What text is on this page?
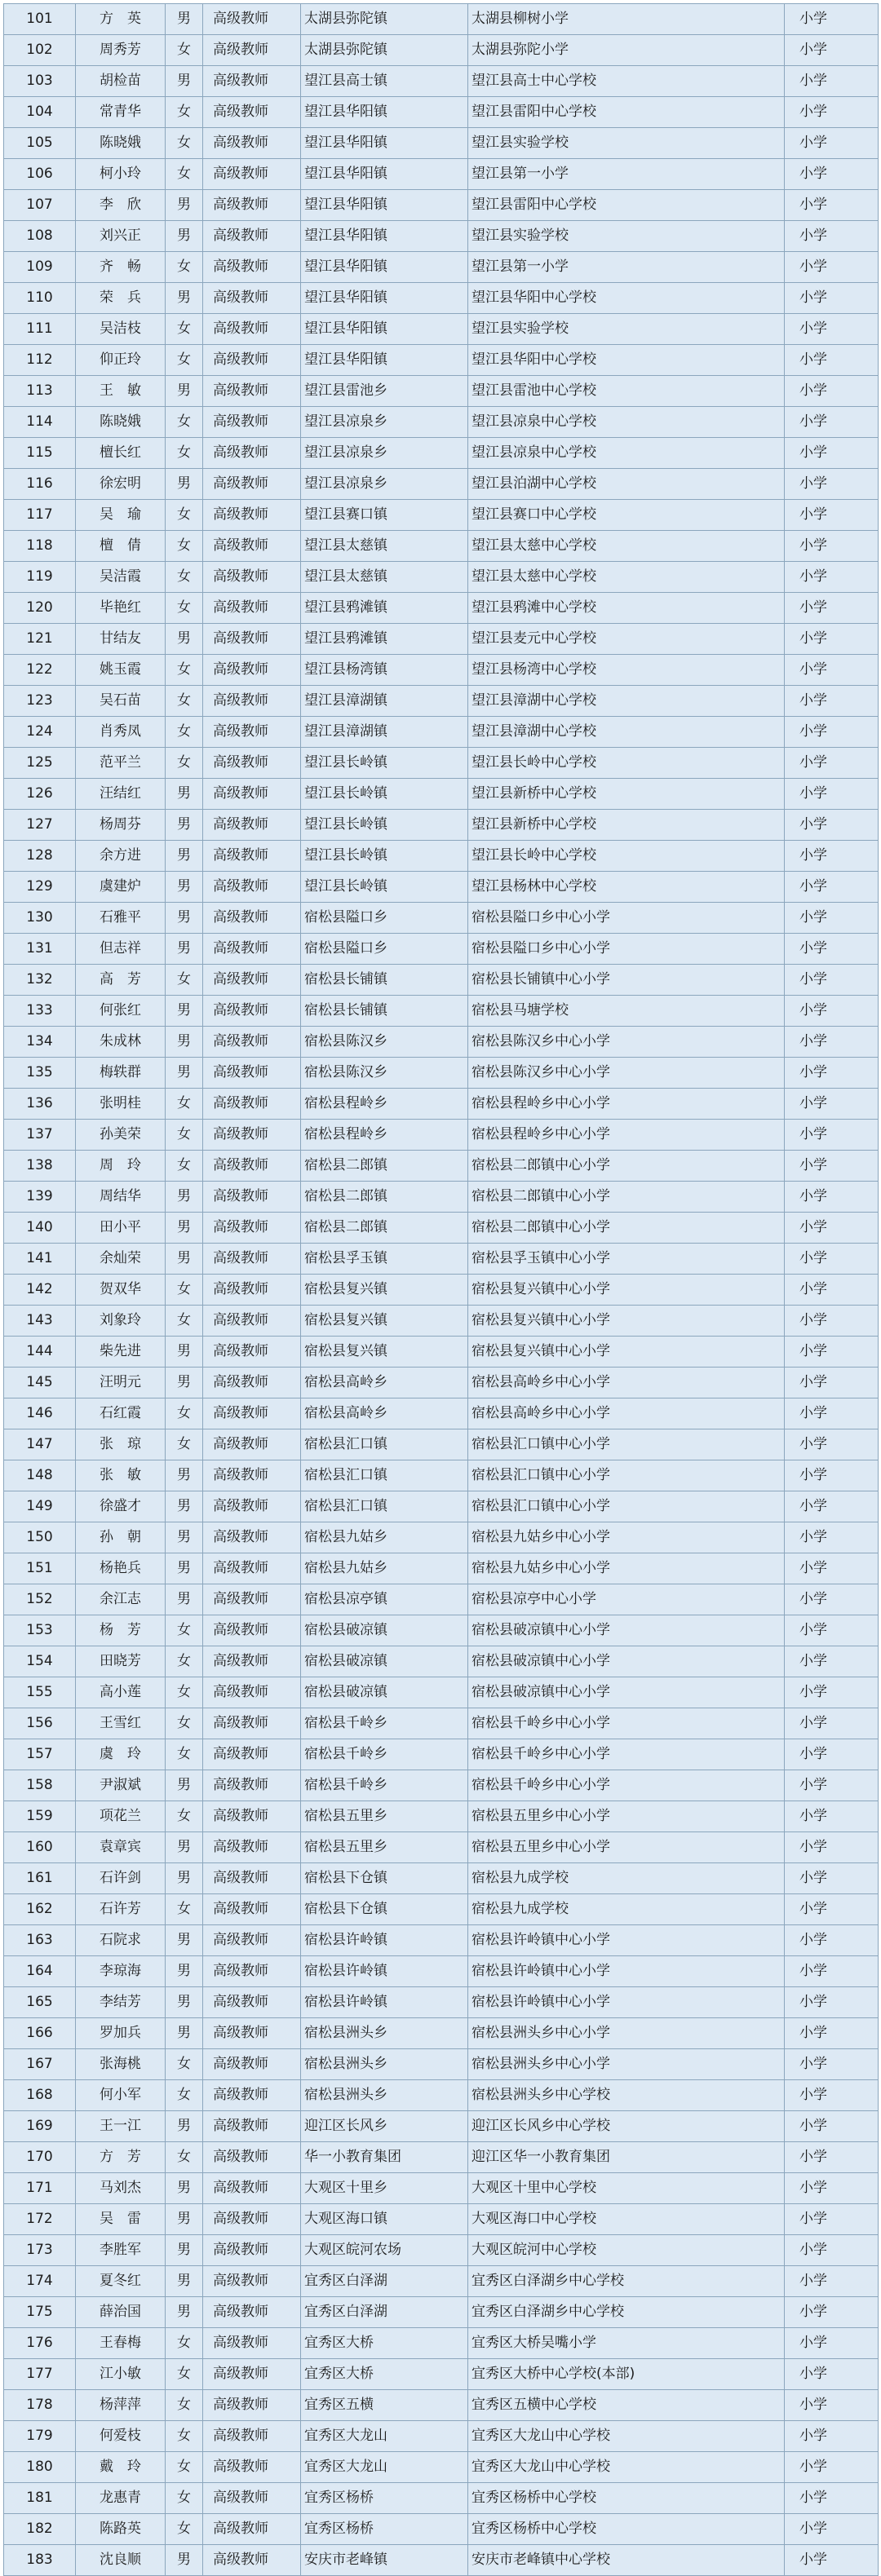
101	方　英	男	高级教师	太湖县弥陀镇	太湖县柳树小学	小学
102	周秀芳	女	高级教师	太湖县弥陀镇	太湖县弥陀小学	小学
103	胡检苗	男	高级教师	望江县高士镇	望江县高士中心学校	小学
104	常青华	女	高级教师	望江县华阳镇	望江县雷阳中心学校	小学
105	陈晓娥	女	高级教师	望江县华阳镇	望江县实验学校	小学
106	柯小玲	女	高级教师	望江县华阳镇	望江县第一小学	小学
107	李　欣	男	高级教师	望江县华阳镇	望江县雷阳中心学校	小学
108	刘兴正	男	高级教师	望江县华阳镇	望江县实验学校	小学
109	齐　畅	女	高级教师	望江县华阳镇	望江县第一小学	小学
110	荣　兵	男	高级教师	望江县华阳镇	望江县华阳中心学校	小学
111	吴洁枝	女	高级教师	望江县华阳镇	望江县实验学校	小学
112	仰正玲	女	高级教师	望江县华阳镇	望江县华阳中心学校	小学
113	王　敏	男	高级教师	望江县雷池乡	望江县雷池中心学校	小学
114	陈晓娥	女	高级教师	望江县凉泉乡	望江县凉泉中心学校	小学
115	檀长红	女	高级教师	望江县凉泉乡	望江县凉泉中心学校	小学
116	徐宏明	男	高级教师	望江县凉泉乡	望江县泊湖中心学校	小学
117	吴　瑜	女	高级教师	望江县赛口镇	望江县赛口中心学校	小学
118	檀　倩	女	高级教师	望江县太慈镇	望江县太慈中心学校	小学
119	吴洁霞	女	高级教师	望江县太慈镇	望江县太慈中心学校	小学
120	毕艳红	女	高级教师	望江县鸦滩镇	望江县鸦滩中心学校	小学
121	甘结友	男	高级教师	望江县鸦滩镇	望江县麦元中心学校	小学
122	姚玉霞	女	高级教师	望江县杨湾镇	望江县杨湾中心学校	小学
123	吴石苗	女	高级教师	望江县漳湖镇	望江县漳湖中心学校	小学
124	肖秀凤	女	高级教师	望江县漳湖镇	望江县漳湖中心学校	小学
125	范平兰	女	高级教师	望江县长岭镇	望江县长岭中心学校	小学
126	汪结红	男	高级教师	望江县长岭镇	望江县新桥中心学校	小学
127	杨周芬	男	高级教师	望江县长岭镇	望江县新桥中心学校	小学
128	余方进	男	高级教师	望江县长岭镇	望江县长岭中心学校	小学
129	虞建炉	男	高级教师	望江县长岭镇	望江县杨林中心学校	小学
130	石雅平	男	高级教师	宿松县隘口乡	宿松县隘口乡中心小学	小学
131	但志祥	男	高级教师	宿松县隘口乡	宿松县隘口乡中心小学	小学
132	高　芳	女	高级教师	宿松县长铺镇	宿松县长铺镇中心小学	小学
133	何张红	男	高级教师	宿松县长铺镇	宿松县马塘学校	小学
134	朱成林	男	高级教师	宿松县陈汉乡	宿松县陈汉乡中心小学	小学
135	梅轶群	男	高级教师	宿松县陈汉乡	宿松县陈汉乡中心小学	小学
136	张明桂	女	高级教师	宿松县程岭乡	宿松县程岭乡中心小学	小学
137	孙美荣	女	高级教师	宿松县程岭乡	宿松县程岭乡中心小学	小学
138	周　玲	女	高级教师	宿松县二郎镇	宿松县二郎镇中心小学	小学
139	周结华	男	高级教师	宿松县二郎镇	宿松县二郎镇中心小学	小学
140	田小平	男	高级教师	宿松县二郎镇	宿松县二郎镇中心小学	小学
141	余灿荣	男	高级教师	宿松县孚玉镇	宿松县孚玉镇中心小学	小学
142	贺双华	女	高级教师	宿松县复兴镇	宿松县复兴镇中心小学	小学
143	刘象玲	女	高级教师	宿松县复兴镇	宿松县复兴镇中心小学	小学
144	柴先进	男	高级教师	宿松县复兴镇	宿松县复兴镇中心小学	小学
145	汪明元	男	高级教师	宿松县高岭乡	宿松县高岭乡中心小学	小学
146	石红霞	女	高级教师	宿松县高岭乡	宿松县高岭乡中心小学	小学
147	张　琼	女	高级教师	宿松县汇口镇	宿松县汇口镇中心小学	小学
148	张　敏	男	高级教师	宿松县汇口镇	宿松县汇口镇中心小学	小学
149	徐盛才	男	高级教师	宿松县汇口镇	宿松县汇口镇中心小学	小学
150	孙　朝	男	高级教师	宿松县九姑乡	宿松县九姑乡中心小学	小学
151	杨艳兵	男	高级教师	宿松县九姑乡	宿松县九姑乡中心小学	小学
152	余江志	男	高级教师	宿松县凉亭镇	宿松县凉亭中心小学	小学
153	杨　芳	女	高级教师	宿松县破凉镇	宿松县破凉镇中心小学	小学
154	田晓芳	女	高级教师	宿松县破凉镇	宿松县破凉镇中心小学	小学
155	高小莲	女	高级教师	宿松县破凉镇	宿松县破凉镇中心小学	小学
156	王雪红	女	高级教师	宿松县千岭乡	宿松县千岭乡中心小学	小学
157	虞　玲	女	高级教师	宿松县千岭乡	宿松县千岭乡中心小学	小学
158	尹淑斌	男	高级教师	宿松县千岭乡	宿松县千岭乡中心小学	小学
159	项花兰	女	高级教师	宿松县五里乡	宿松县五里乡中心小学	小学
160	袁章宾	男	高级教师	宿松县五里乡	宿松县五里乡中心小学	小学
161	石许剑	男	高级教师	宿松县下仓镇	宿松县九成学校	小学
162	石许芳	女	高级教师	宿松县下仓镇	宿松县九成学校	小学
163	石院求	男	高级教师	宿松县许岭镇	宿松县许岭镇中心小学	小学
164	李琼海	男	高级教师	宿松县许岭镇	宿松县许岭镇中心小学	小学
165	李结芳	男	高级教师	宿松县许岭镇	宿松县许岭镇中心小学	小学
166	罗加兵	男	高级教师	宿松县洲头乡	宿松县洲头乡中心小学	小学
167	张海桃	女	高级教师	宿松县洲头乡	宿松县洲头乡中心小学	小学
168	何小军	女	高级教师	宿松县洲头乡	宿松县洲头乡中心学校	小学
169	王一江	男	高级教师	迎江区长风乡	迎江区长风乡中心学校	小学
170	方　芳	女	高级教师	华一小教育集团	迎江区华一小教育集团	小学
171	马刘杰	男	高级教师	大观区十里乡	大观区十里中心学校	小学
172	吴　雷	男	高级教师	大观区海口镇	大观区海口中心学校	小学
173	李胜军	男	高级教师	大观区皖河农场	大观区皖河中心学校	小学
174	夏冬红	男	高级教师	宜秀区白泽湖	宜秀区白泽湖乡中心学校	小学
175	薛治国	男	高级教师	宜秀区白泽湖	宜秀区白泽湖乡中心学校	小学
176	王春梅	女	高级教师	宜秀区大桥	宜秀区大桥吴嘴小学	小学
177	江小敏	女	高级教师	宜秀区大桥	宜秀区大桥中心学校(本部)	小学
178	杨萍萍	女	高级教师	宜秀区五横	宜秀区五横中心学校	小学
179	何爱枝	女	高级教师	宜秀区大龙山	宜秀区大龙山中心学校	小学
180	戴　玲	女	高级教师	宜秀区大龙山	宜秀区大龙山中心学校	小学
181	龙惠青	女	高级教师	宜秀区杨桥	宜秀区杨桥中心学校	小学
182	陈路英	女	高级教师	宜秀区杨桥	宜秀区杨桥中心学校	小学
183	沈良顺	男	高级教师	安庆市老峰镇	安庆市老峰镇中心学校	小学
